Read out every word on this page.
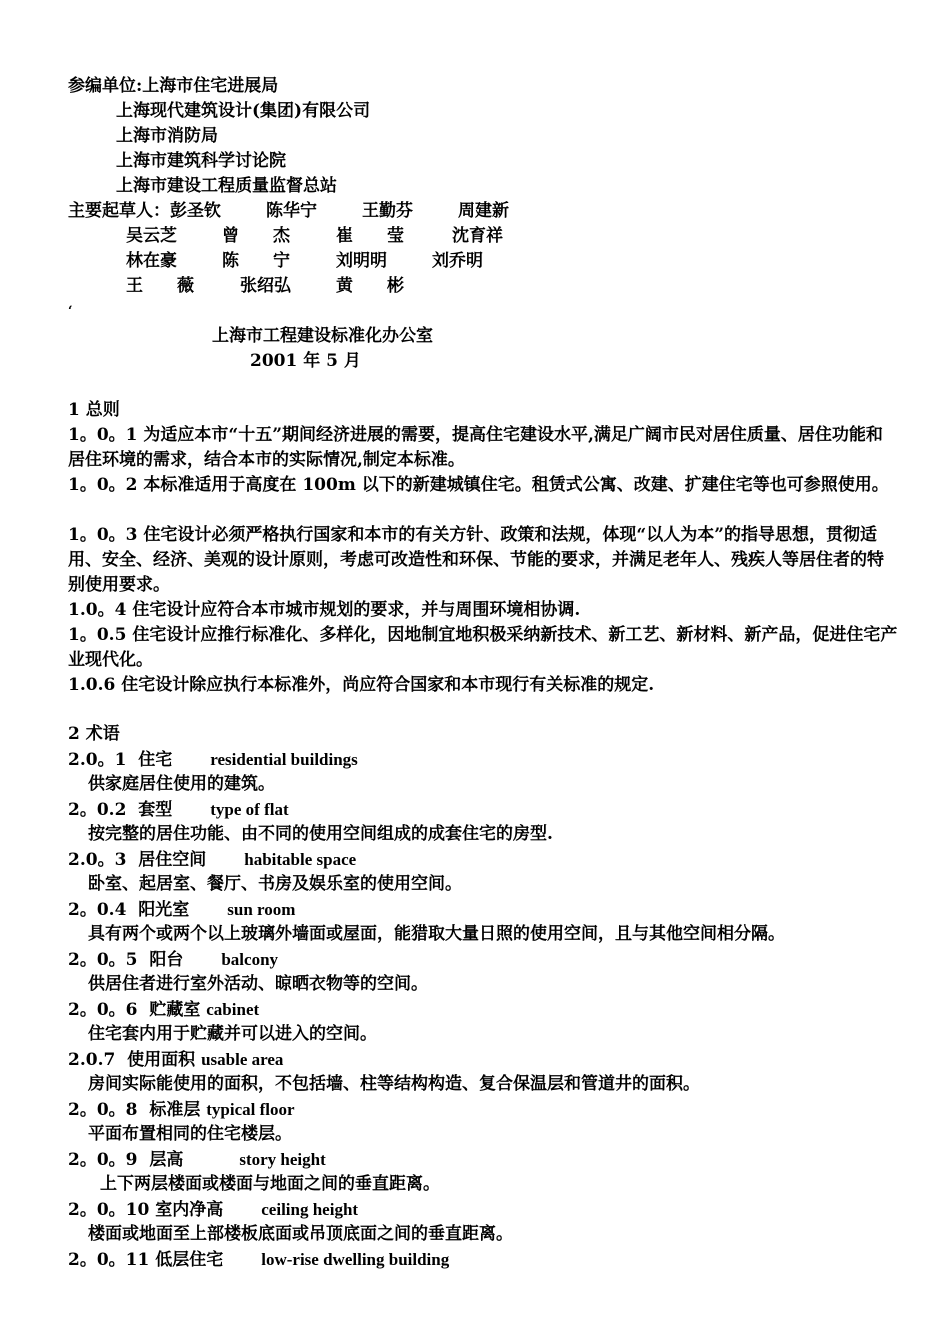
参编单位:上海市住宅进展局
上海现代建筑设计(集团)有限公司
上海市消防局
上海市建筑科学讨论院
上海市建设工程质量监督总站
主要起草人：彭圣钦	陈华宁	王勤芬	周建新
吴云芝	曾　　杰	崔　　莹	沈育祥
林在豪	陈　　宁	刘明明	刘乔明
王　　薇	张绍弘	黄　　彬
‘
上海市工程建设标准化办公室
2001 年 5 月
1 总则
1。0。1 为适应本市“十五”期间经济进展的需要，提高住宅建设水平,满足广阔市民对居住质量、居住功能和居住环境的需求，结合本市的实际情况,制定本标准。
1。0。2 本标准适用于高度在 100m 以下的新建城镇住宅。租赁式公寓、改建、扩建住宅等也可参照使用。
1。0。3 住宅设计必须严格执行国家和本市的有关方针、政策和法规，体现“以人为本”的指导思想，贯彻适用、安全、经济、美观的设计原则，考虑可改造性和环保、节能的要求，并满足老年人、残疾人等居住者的特别使用要求。
1.0。4 住宅设计应符合本市城市规划的要求，并与周围环境相协调.
1。0.5 住宅设计应推行标准化、多样化，因地制宜地积极采纳新技术、新工艺、新材料、新产品，促进住宅产业现代化。
1.0.6 住宅设计除应执行本标准外，尚应符合国家和本市现行有关标准的规定.
2 术语
2.0。1 住宅 residential buildings
供家庭居住使用的建筑。
2。0.2 套型 type of flat
按完整的居住功能、由不同的使用空间组成的成套住宅的房型.
2.0。3 居住空间 habitable space
卧室、起居室、餐厅、书房及娱乐室的使用空间。
2。0.4 阳光室 sun room
具有两个或两个以上玻璃外墙面或屋面，能猎取大量日照的使用空间，且与其他空间相分隔。
2。0。5 阳台 balcony
供居住者进行室外活动、晾晒衣物等的空间。
2。0。6 贮藏室 cabinet
住宅套内用于贮藏并可以进入的空间。
2.0.7 使用面积 usable area
房间实际能使用的面积，不包括墙、柱等结构构造、复合保温层和管道井的面积。
2。0。8 标准层 typical floor
平面布置相同的住宅楼层。
2。0。9 层高	story height
上下两层楼面或楼面与地面之间的垂直距离。
2。0。10 室内净高 ceiling height
楼面或地面至上部楼板底面或吊顶底面之间的垂直距离。
2。0。11 低层住宅 low-rise dwelling building
